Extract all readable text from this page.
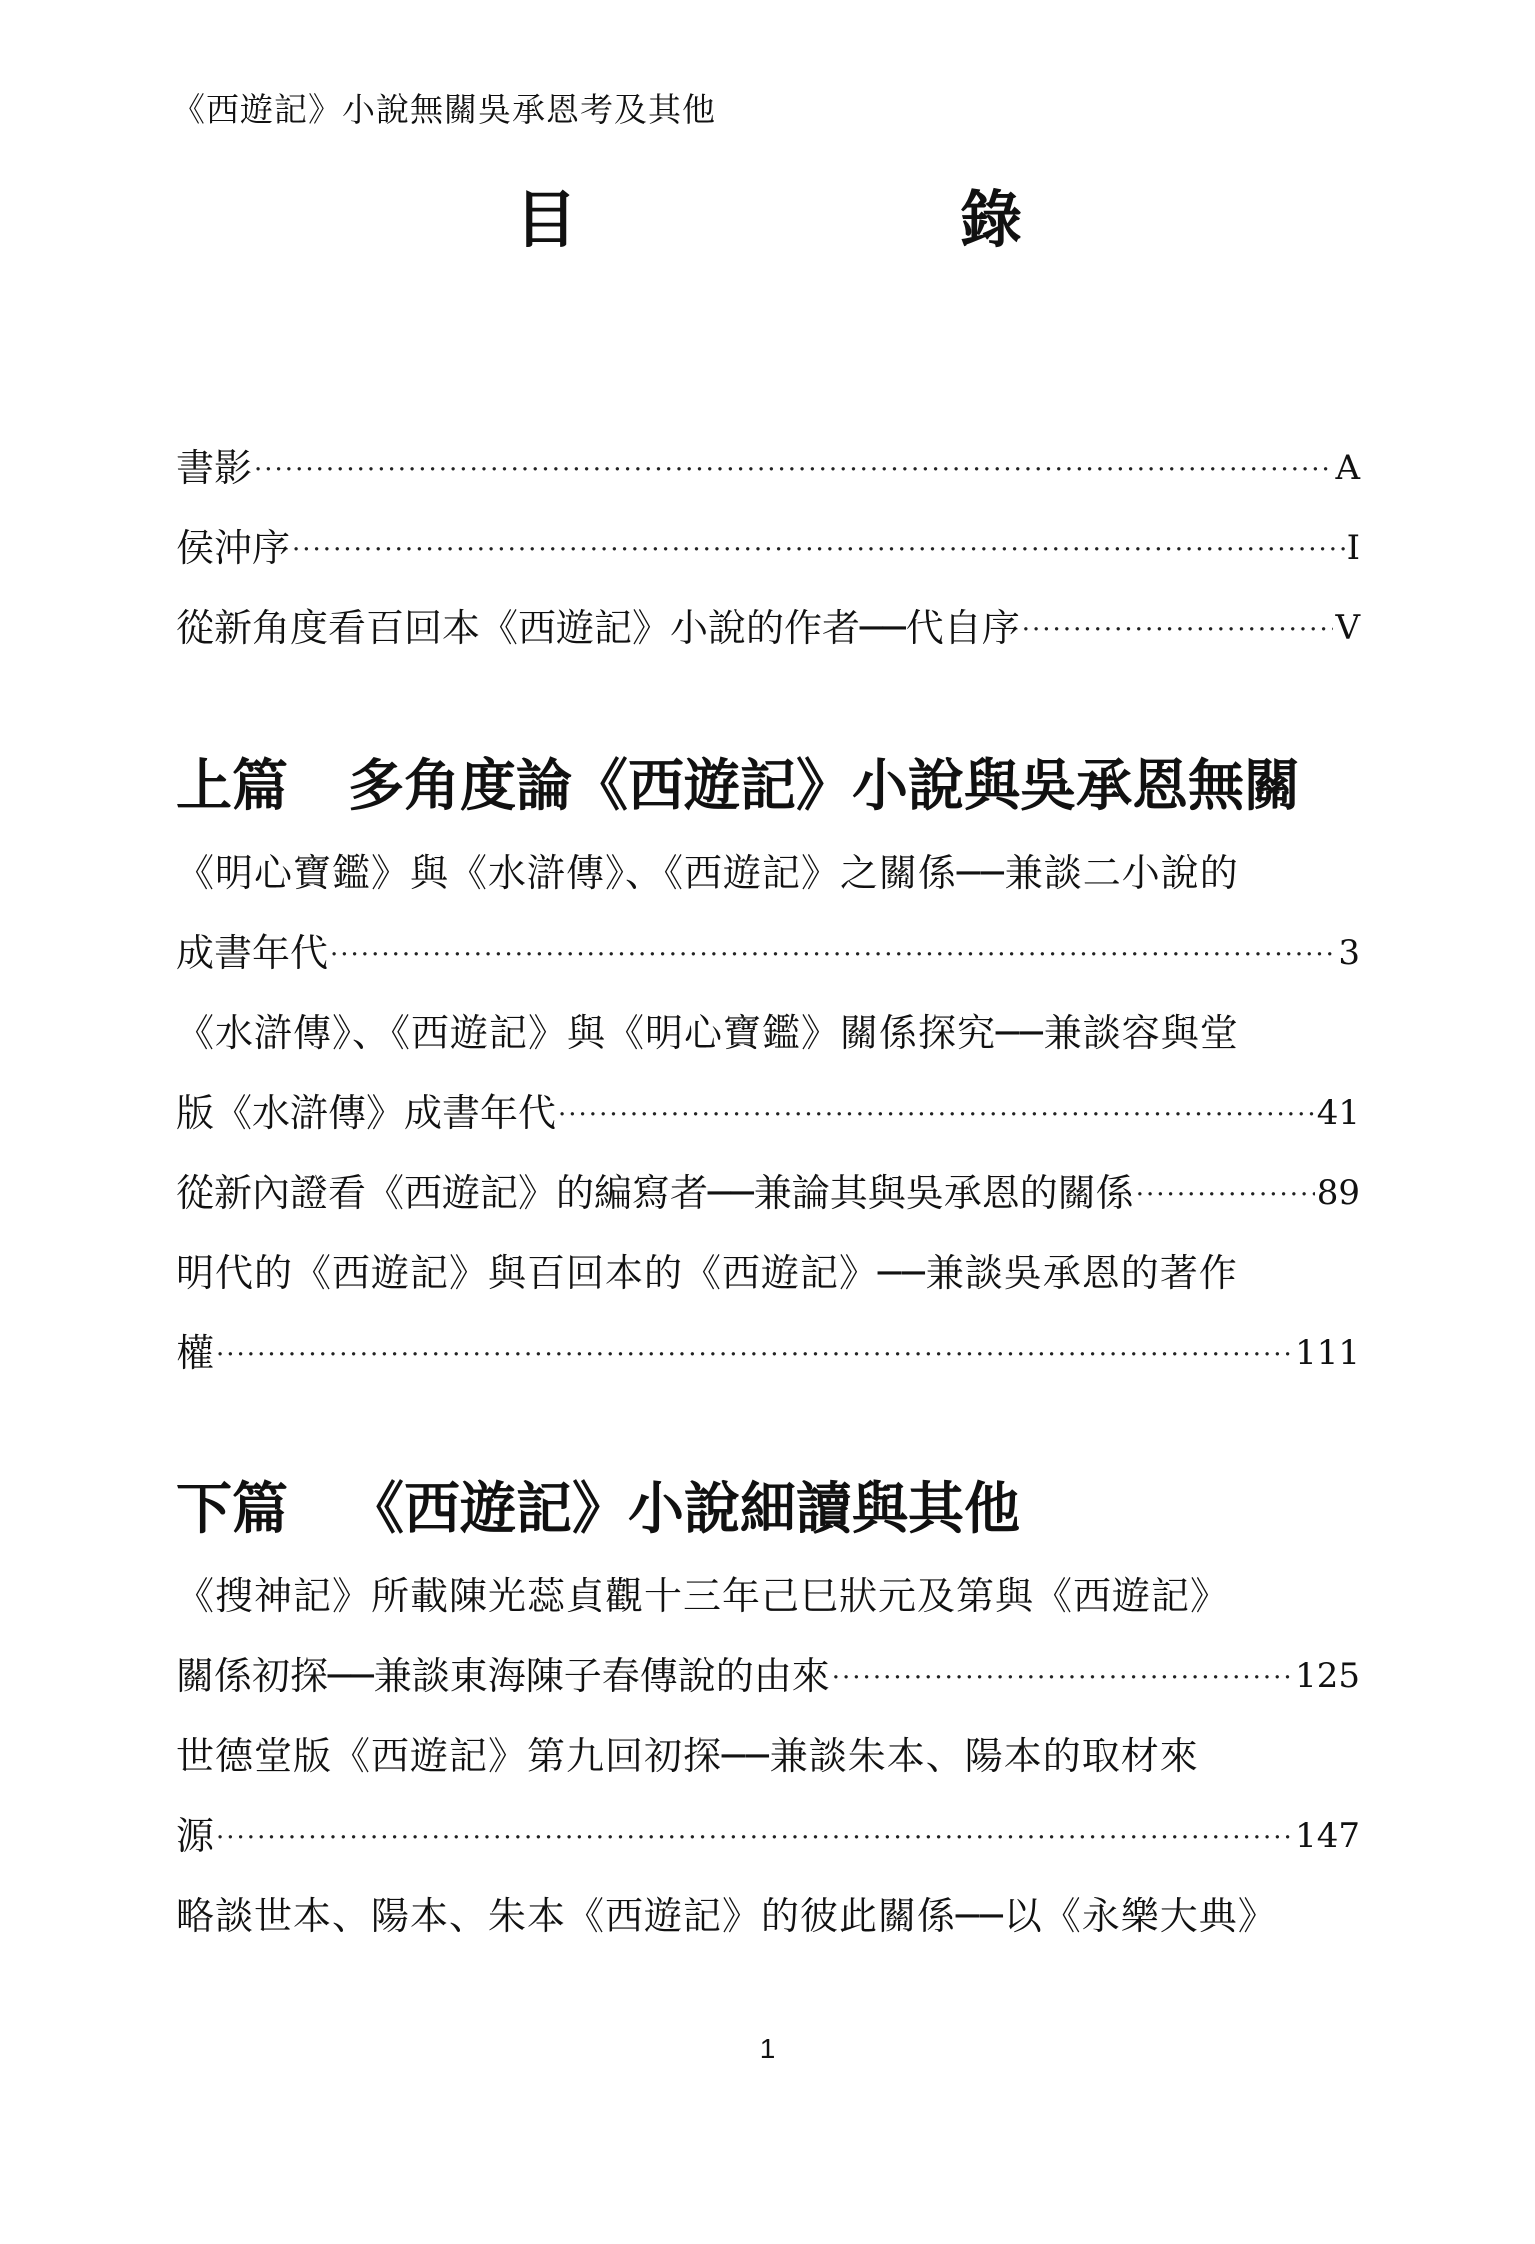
《西遊記》小說無關吳承恩考及其他
目	錄
書影 ·····	A
侯沖序 ·····	I
從新角度看百回本《西遊記》小說的作者──代自序 ·····	V
上篇 多角度論《西遊記》小說與吳承恩無關
《明心寶鑑》與《水滸傳》、《西遊記》之關係──兼談二小說的
成書年代 ·····	3
《水滸傳》、《西遊記》與《明心寶鑑》關係探究──兼談容與堂
版《水滸傳》成書年代 ·····	41
從新內證看《西遊記》的編寫者──兼論其與吳承恩的關係 ·····	89
明代的《西遊記》與百回本的《西遊記》──兼談吳承恩的著作
權 ·····	111
下篇 《西遊記》小說細讀與其他
《搜神記》所載陳光蕊貞觀十三年己巳狀元及第與《西遊記》
關係初探──兼談東海陳子春傳說的由來 ·····	125
世德堂版《西遊記》第九回初探──兼談朱本、陽本的取材來
源 ·····	147
略談世本、陽本、朱本《西遊記》的彼此關係──以《永樂大典》
1
